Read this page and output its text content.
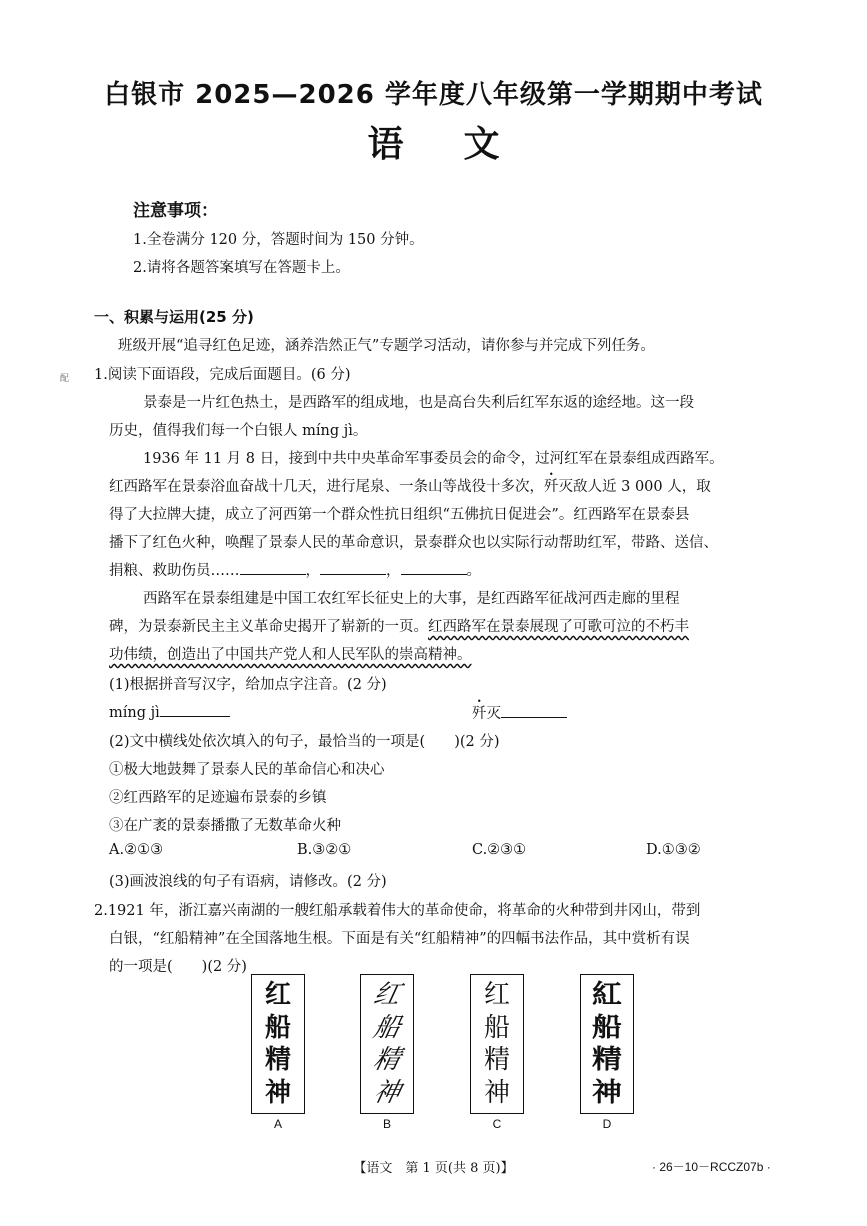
白银市 2025—2026 学年度八年级第一学期期中考试
语文
注意事项：
1.全卷满分 120 分，答题时间为 150 分钟。
2.请将各题答案填写在答题卡上。
一、积累与运用(25 分)
班级开展“追寻红色足迹，涵养浩然正气”专题学习活动，请你参与并完成下列任务。
配 1.阅读下面语段，完成后面题目。(6 分)
景泰是一片红色热土，是西路军的组成地，也是高台失利后红军东返的途经地。这一段
历史，值得我们每一个白银人 míng jì。
1936 年 11 月 8 日，接到中共中央革命军事委员会的命令，过河红军在景泰组成西路军。
红西路军在景泰浴血奋战十几天，进行尾泉、一条山等战役十多次，歼灭敌人近 3 000 人，取
得了大拉牌大捷，成立了河西第一个群众性抗日组织“五佛抗日促进会”。红西路军在景泰县
播下了红色火种，唤醒了景泰人民的革命意识，景泰群众也以实际行动帮助红军，带路、送信、
捐粮、救助伤员……	，	，	。
西路军在景泰组建是中国工农红军长征史上的大事，是红西路军征战河西走廊的里程
碑，为景泰新民主主义革命史揭开了崭新的一页。红西路军在景泰展现了可歌可泣的不朽丰
功伟绩，创造出了中国共产党人和人民军队的崇高精神。
(1)根据拼音写汉字，给加点字注音。(2 分)
míng jì	歼灭
(2)文中横线处依次填入的句子，最恰当的一项是(　　)(2 分)
①极大地鼓舞了景泰人民的革命信心和决心
②红西路军的足迹遍布景泰的乡镇
③在广袤的景泰播撒了无数革命火种
A.②①③	B.③②①	C.②③①	D.①③②
(3)画波浪线的句子有语病，请修改。(2 分)
2.1921 年，浙江嘉兴南湖的一艘红船承载着伟大的革命使命，将革命的火种带到井冈山，带到
白银，“红船精神”在全国落地生根。下面是有关“红船精神”的四幅书法作品，其中赏析有误
的一项是(　　)(2 分)
红
船
精
神
A
红
船
精
神
B
红
船
精
神
C
紅
船
精
神
D
【语文　第 1 页(共 8 页)】	· 26－10－RCCZ07b ·
